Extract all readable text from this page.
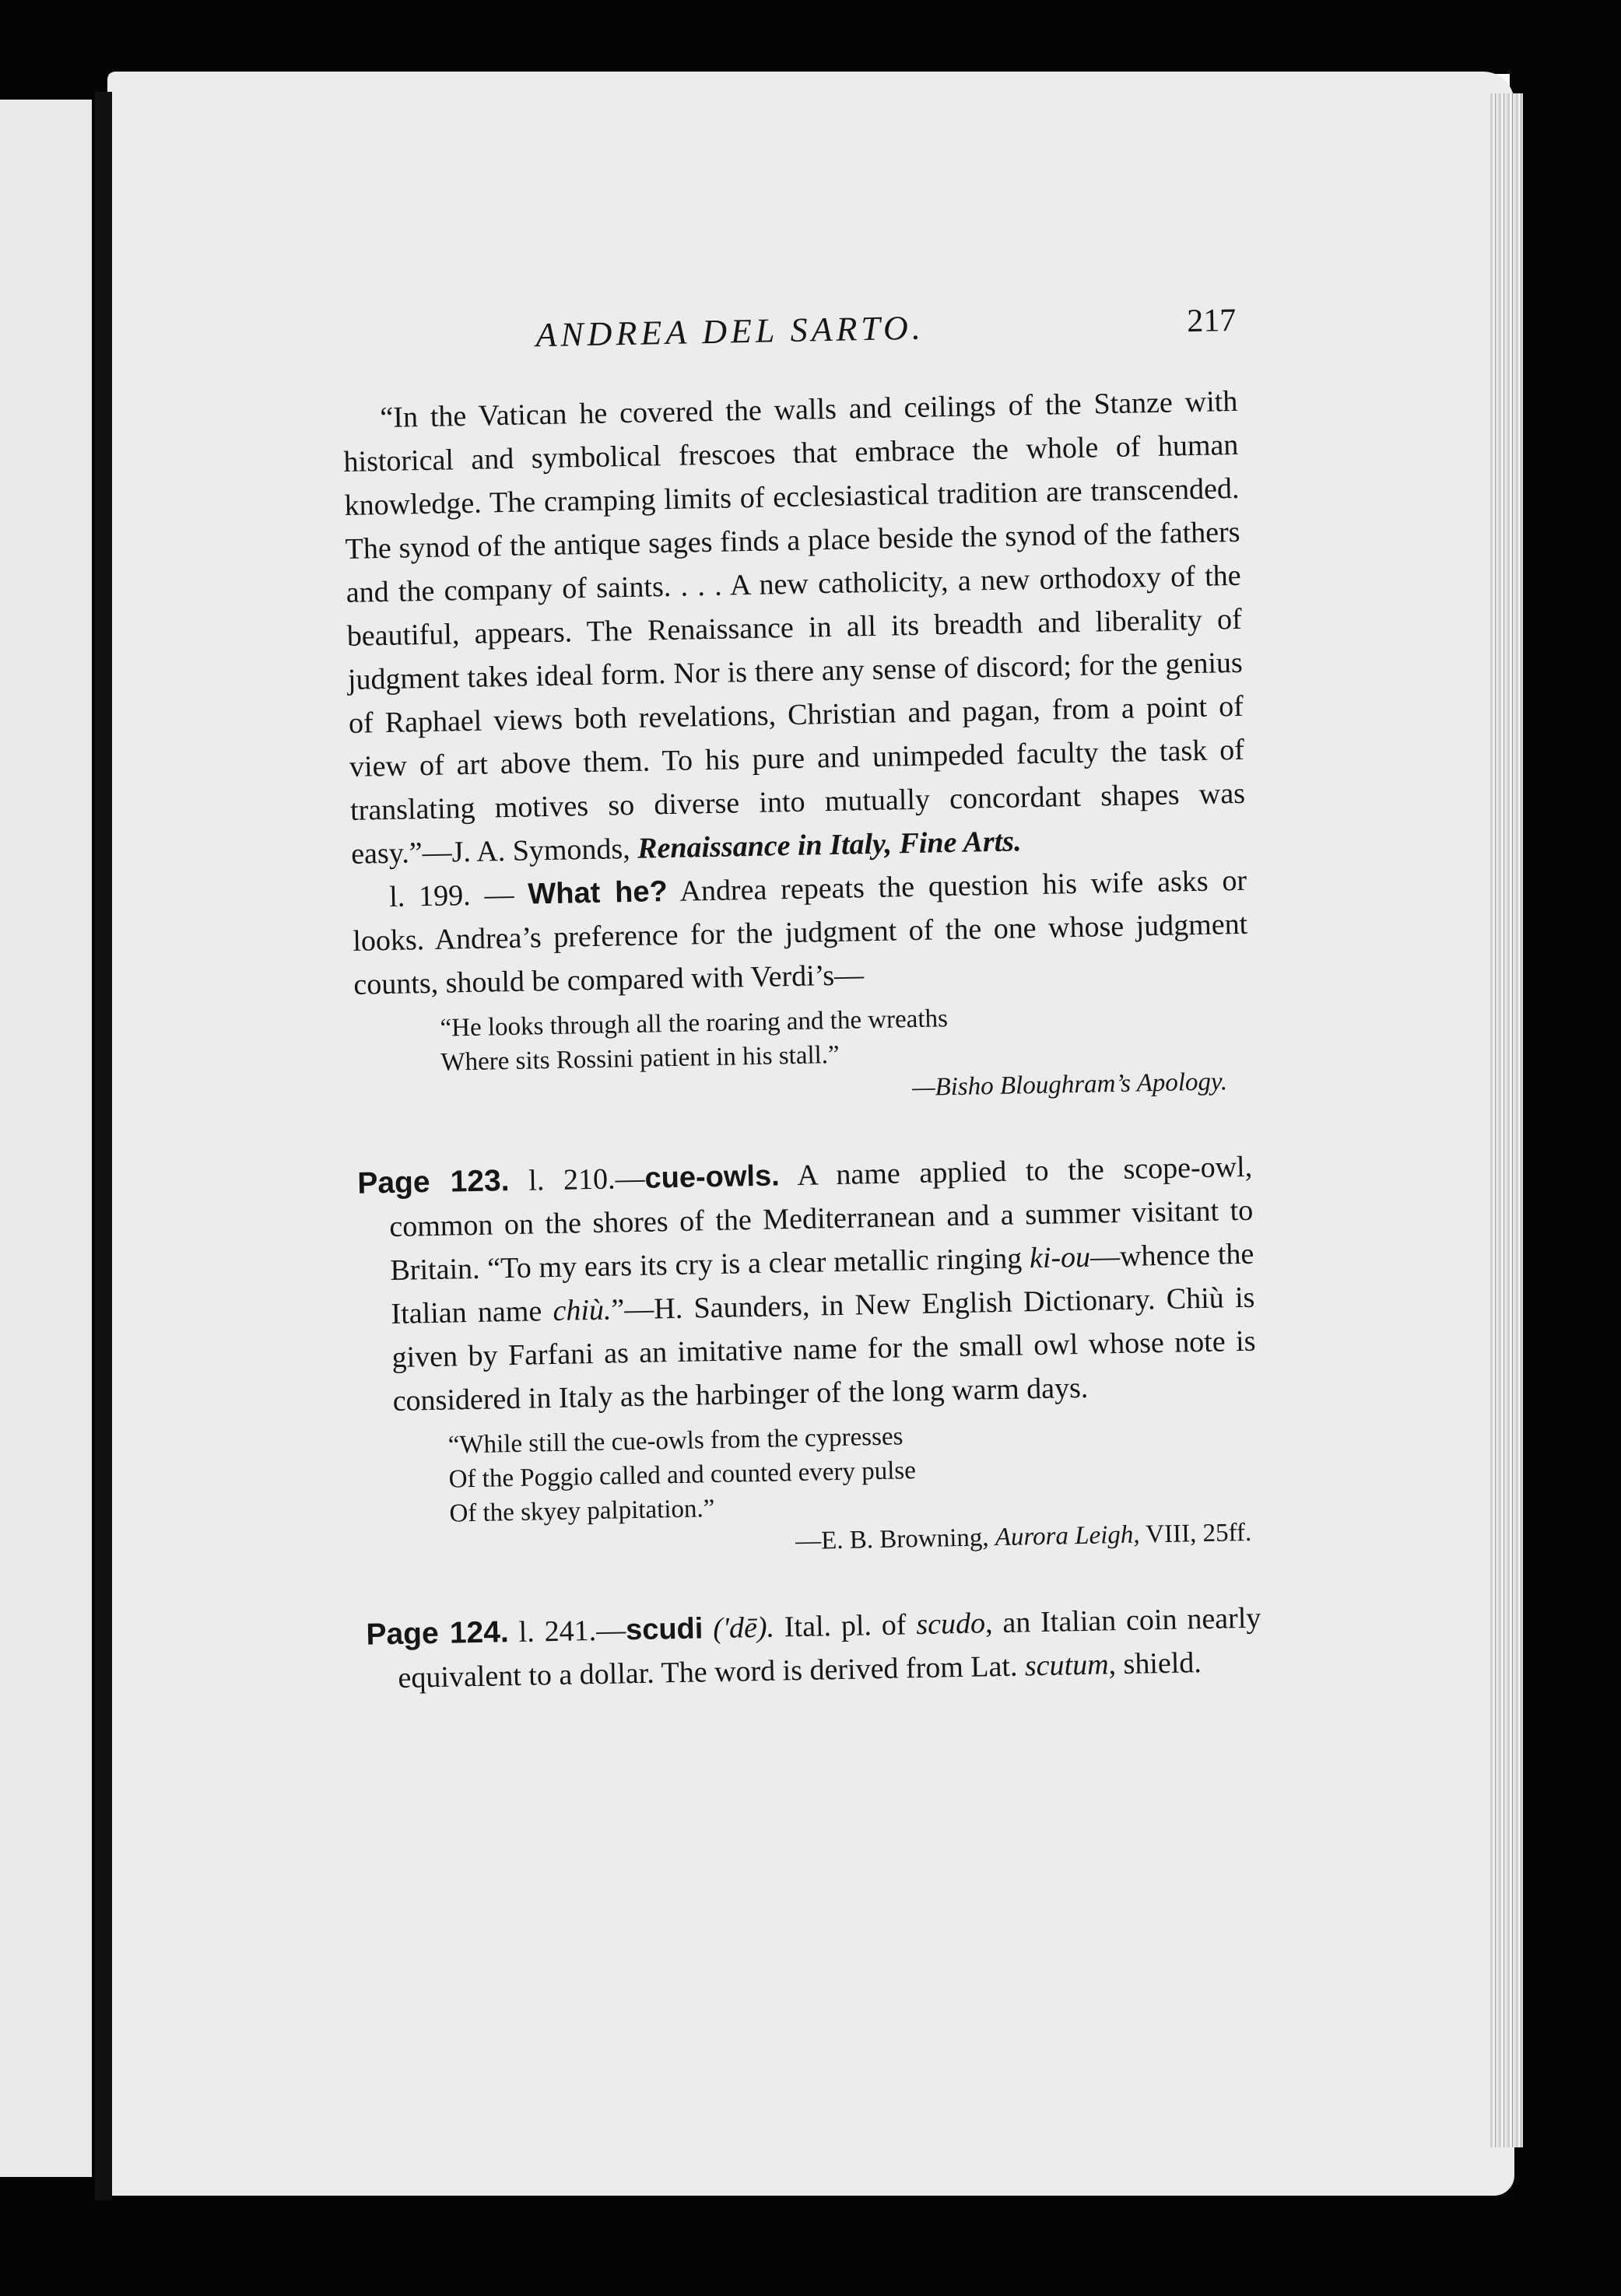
ANDREA DEL SARTO.	217

“In the Vatican he covered the walls and ceilings of the Stanze with historical and symbolical frescoes that embrace the whole of human knowledge. The cramping limits of ecclesiastical tradition are transcended. The synod of the antique sages finds a place beside the synod of the fathers and the company of saints. . . . A new catholicity, a new orthodoxy of the beautiful, appears. The Renaissance in all its breadth and liberality of judgment takes ideal form. Nor is there any sense of discord; for the genius of Raphael views both revelations, Christian and pagan, from a point of view of art above them. To his pure and unimpeded faculty the task of translating motives so diverse into mutually concordant shapes was easy.”—J. A. Symonds, Renaissance in Italy, Fine Arts.

l. 199. — What he? Andrea repeats the question his wife asks or looks. Andrea’s preference for the judgment of the one whose judgment counts, should be compared with Verdi’s—

“He looks through all the roaring and the wreaths
Where sits Rossini patient in his stall.”
—Bisho Bloughram’s Apology.

Page 123. l. 210.—cue-owls. A name applied to the scope-owl, common on the shores of the Mediterranean and a summer visitant to Britain. “To my ears its cry is a clear metallic ringing ki-ou—whence the Italian name chiù.”—H. Saunders, in New English Dictionary. Chiù is given by Farfani as an imitative name for the small owl whose note is considered in Italy as the harbinger of the long warm days.

“While still the cue-owls from the cypresses
Of the Poggio called and counted every pulse
Of the skyey palpitation.”
—E. B. Browning, Aurora Leigh, VIII, 25ff.

Page 124. l. 241.—scudi ('dē). Ital. pl. of scudo, an Italian coin nearly equivalent to a dollar. The word is derived from Lat. scutum, shield.
